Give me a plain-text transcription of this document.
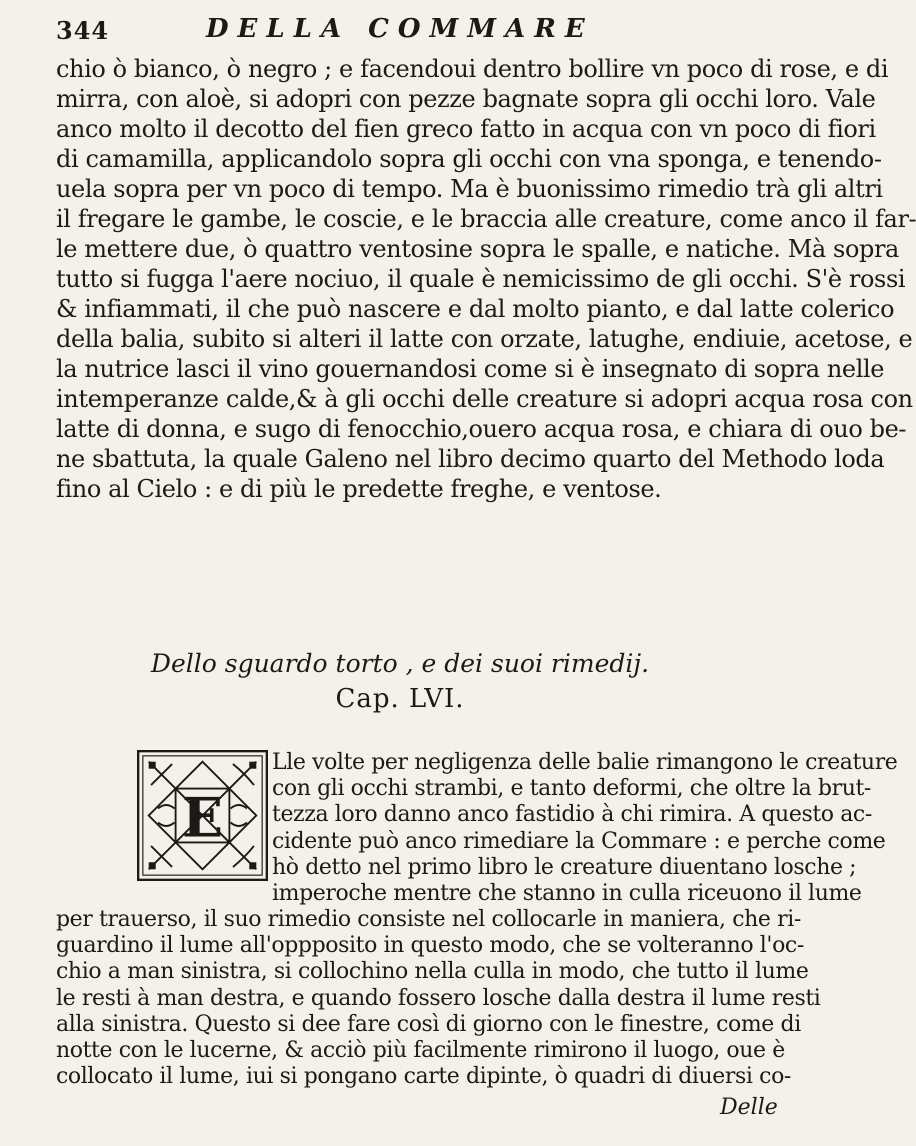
344	DELLA COMMARE
chio ò bianco, ò negro ; e facendoui dentro bollire vn poco di rose, e di
mirra, con aloè, si adopri con pezze bagnate sopra gli occhi loro. Vale
anco molto il decotto del fien greco fatto in acqua con vn poco di fiori
di camamilla, applicandolo sopra gli occhi con vna sponga, e tenendo-
uela sopra per vn poco di tempo. Ma è buonissimo rimedio trà gli altri
il fregare le gambe, le coscie, e le braccia alle creature, come anco il far-
le mettere due, ò quattro ventosine sopra le spalle, e natiche. Mà sopra
tutto si fugga l'aere nociuo, il quale è nemicissimo de gli occhi. S'è rossi
& infiammati, il che può nascere e dal molto pianto, e dal latte colerico
della balia, subito si alteri il latte con orzate, latughe, endiuie, acetose, e
la nutrice lasci il vino gouernandosi come si è insegnato di sopra nelle
intemperanze calde,& à gli occhi delle creature si adopri acqua rosa con
latte di donna, e sugo di fenocchio,ouero acqua rosa, e chiara di ouo be-
ne sbattuta, la quale Galeno nel libro decimo quarto del Methodo loda
fino al Cielo : e di più le predette freghe, e ventose.
Dello sguardo torto , e dei suoi rimedij.
Cap. LVI.
E
Lle volte per negligenza delle balie rimangono le creature
con gli occhi strambi, e tanto deformi, che oltre la brut-
tezza loro danno anco fastidio à chi rimira. A questo ac-
cidente può anco rimediare la Commare : e perche come
hò detto nel primo libro le creature diuentano losche ;
imperoche mentre che stanno in culla riceuono il lume
per trauerso, il suo rimedio consiste nel collocarle in maniera, che ri-
guardino il lume all'oppposito in questo modo, che se volteranno l'oc-
chio a man sinistra, si collochino nella culla in modo, che tutto il lume
le resti à man destra, e quando fossero losche dalla destra il lume resti
alla sinistra. Questo si dee fare così di giorno con le finestre, come di
notte con le lucerne, & acciò più facilmente rimirono il luogo, oue è
collocato il lume, iui si pongano carte dipinte, ò quadri di diuersi co-
Delle
